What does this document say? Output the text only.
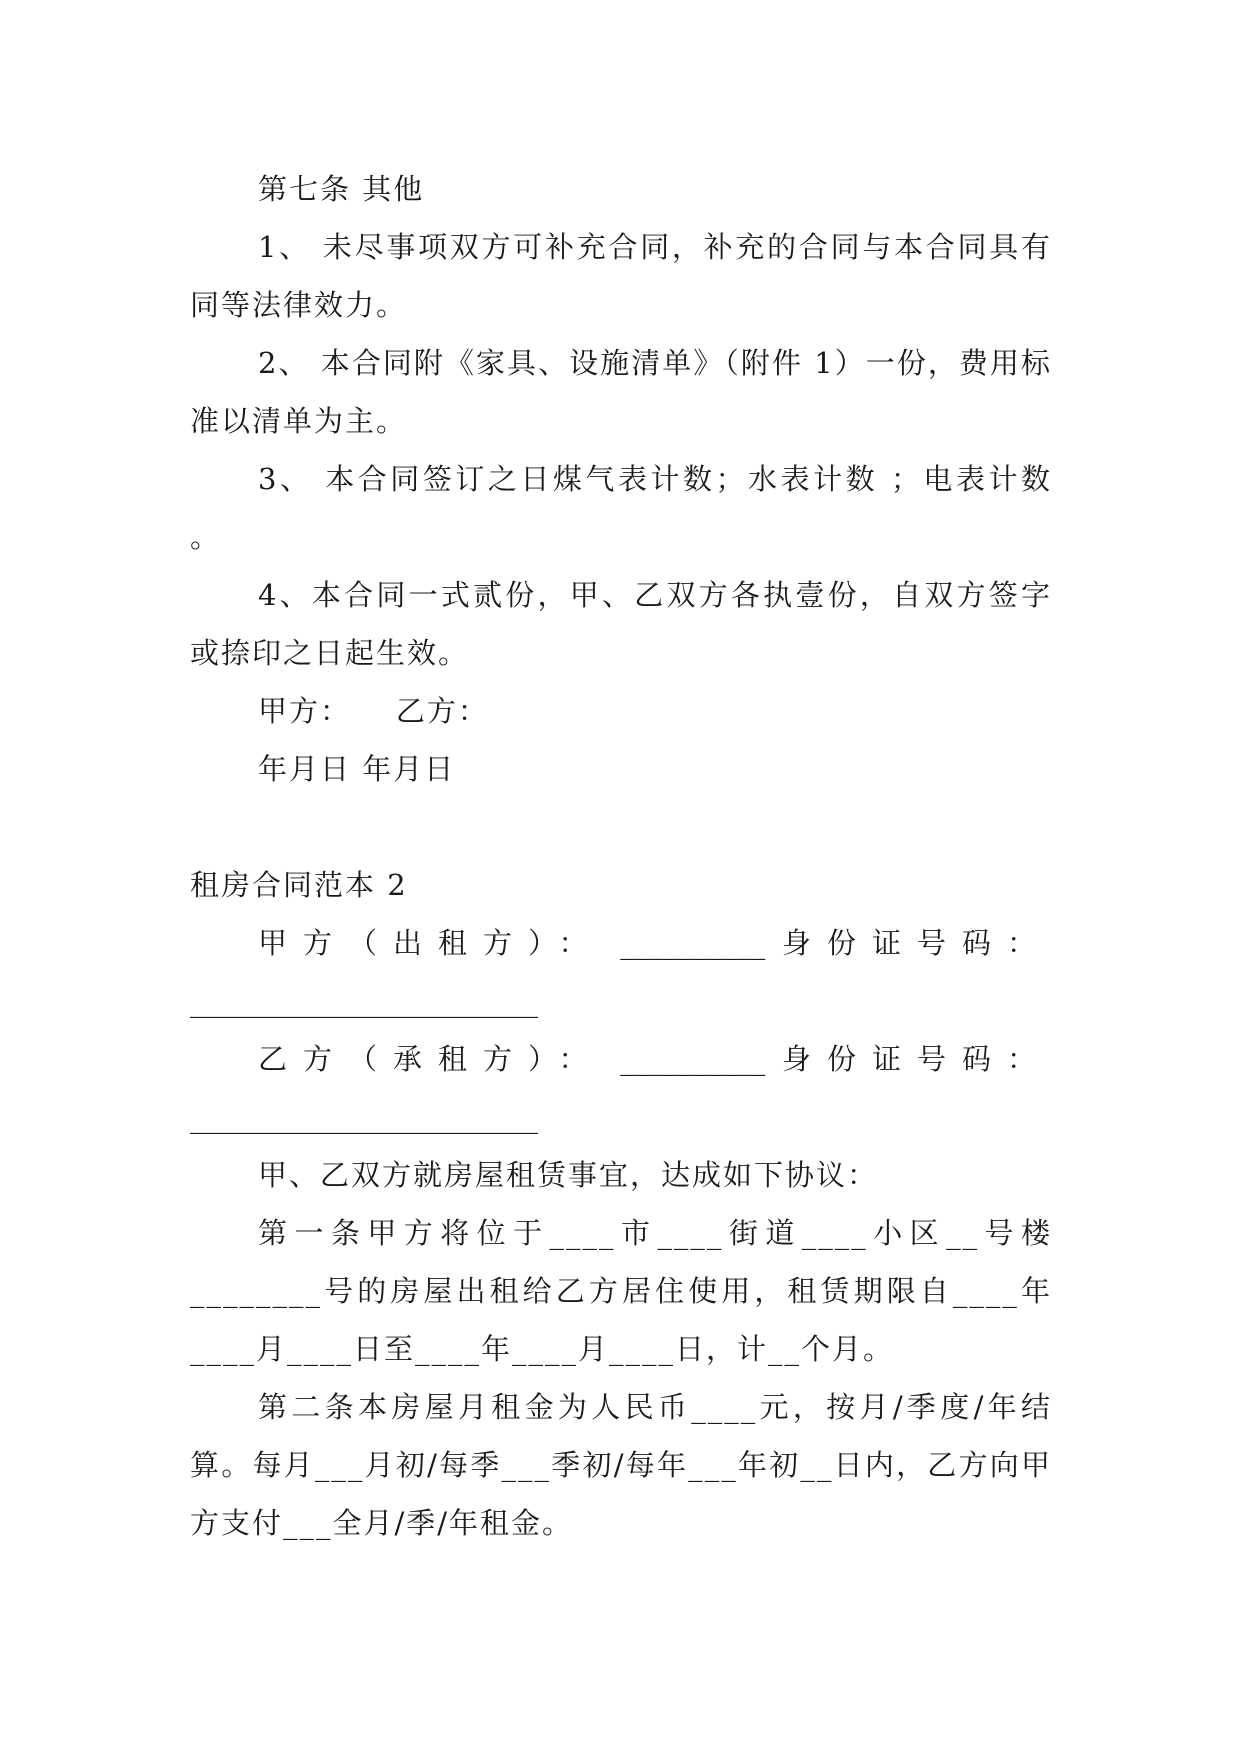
第七条 其他

1、 未尽事项双方可补充合同，补充的合同与本合同具有同等法律效力。

2、 本合同附《家具、设施清单》（附件 1）一份，费用标准以清单为主。

3、 本合同签订之日煤气表计数；水表计数 ；电表计数 。

4、本合同一式贰份，甲、乙双方各执壹份，自双方签字或捺印之日起生效。

甲方：    乙方：

年月日 年月日

租房合同范本 2

甲方（出租方）： __________ 身份证号码：

________________________

乙方（承租方）： __________ 身份证号码：

________________________

甲、乙双方就房屋租赁事宜，达成如下协议：

第一条甲方将位于____市____街道____小区__号楼________号的房屋出租给乙方居住使用，租赁期限自____年____月____日至____年____月____日，计__个月。

第二条本房屋月租金为人民币____元，按月/季度/年结算。每月___月初/每季___季初/每年___年初__日内，乙方向甲方支付___全月/季/年租金。
